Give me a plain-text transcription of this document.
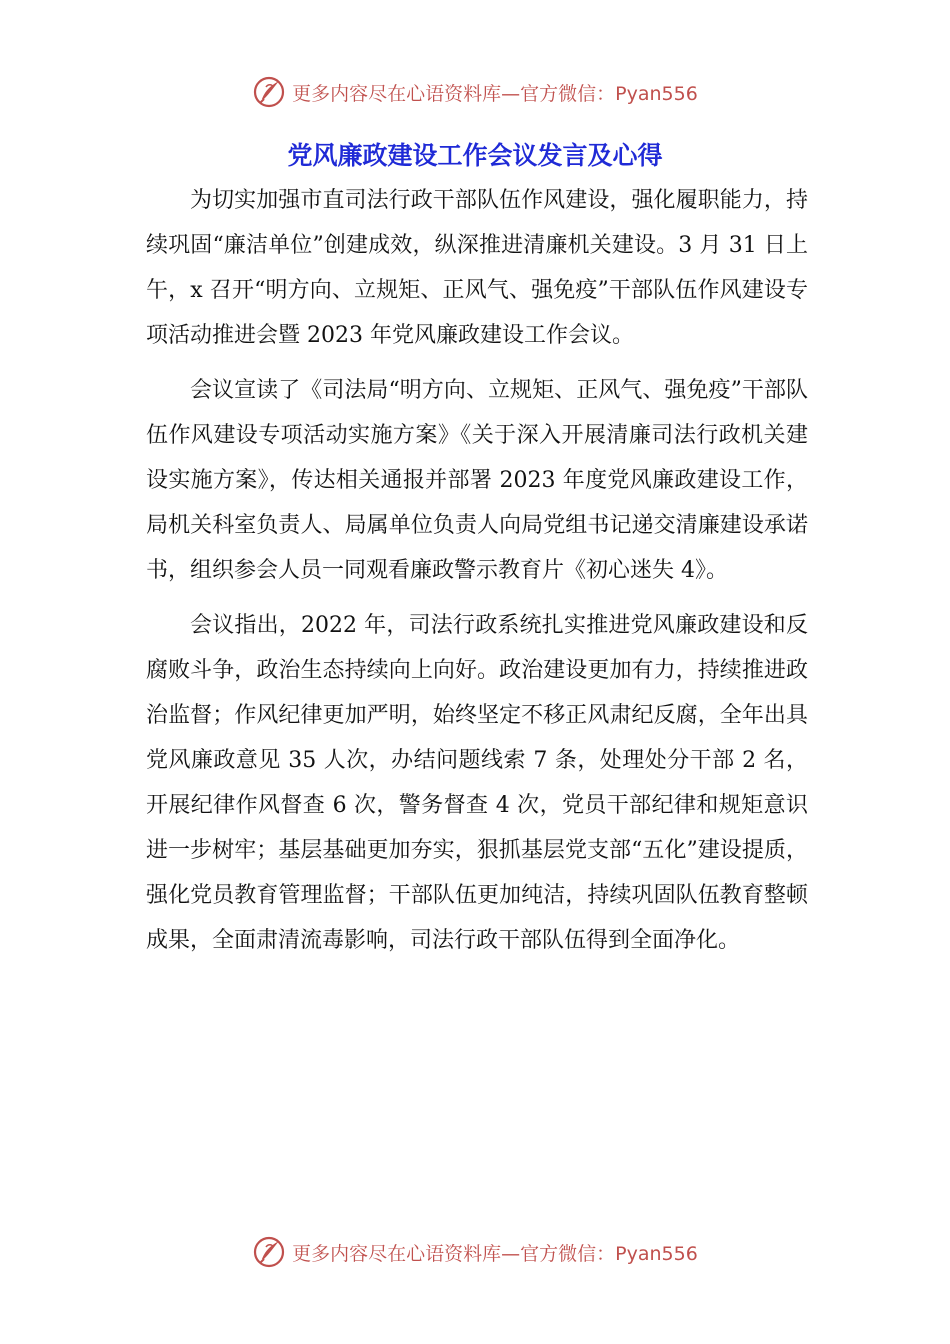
更多内容尽在心语资料库—官方微信：Pyan556
党风廉政建设工作会议发言及心得

为切实加强市直司法行政干部队伍作风建设，强化履职能力，持续巩固“廉洁单位”创建成效，纵深推进清廉机关建设。3 月 31 日上午，x 召开“明方向、立规矩、正风气、强免疫”干部队伍作风建设专项活动推进会暨 2023 年党风廉政建设工作会议。

会议宣读了《司法局“明方向、立规矩、正风气、强免疫”干部队伍作风建设专项活动实施方案》《关于深入开展清廉司法行政机关建设实施方案》，传达相关通报并部署 2023 年度党风廉政建设工作，局机关科室负责人、局属单位负责人向局党组书记递交清廉建设承诺书，组织参会人员一同观看廉政警示教育片《初心迷失 4》。

会议指出，2022 年，司法行政系统扎实推进党风廉政建设和反腐败斗争，政治生态持续向上向好。政治建设更加有力，持续推进政治监督；作风纪律更加严明，始终坚定不移正风肃纪反腐，全年出具党风廉政意见 35 人次，办结问题线索 7 条，处理处分干部 2 名，开展纪律作风督查 6 次，警务督查 4 次，党员干部纪律和规矩意识进一步树牢；基层基础更加夯实，狠抓基层党支部“五化”建设提质，强化党员教育管理监督；干部队伍更加纯洁，持续巩固队伍教育整顿成果，全面肃清流毒影响，司法行政干部队伍得到全面净化。

更多内容尽在心语资料库—官方微信：Pyan556
